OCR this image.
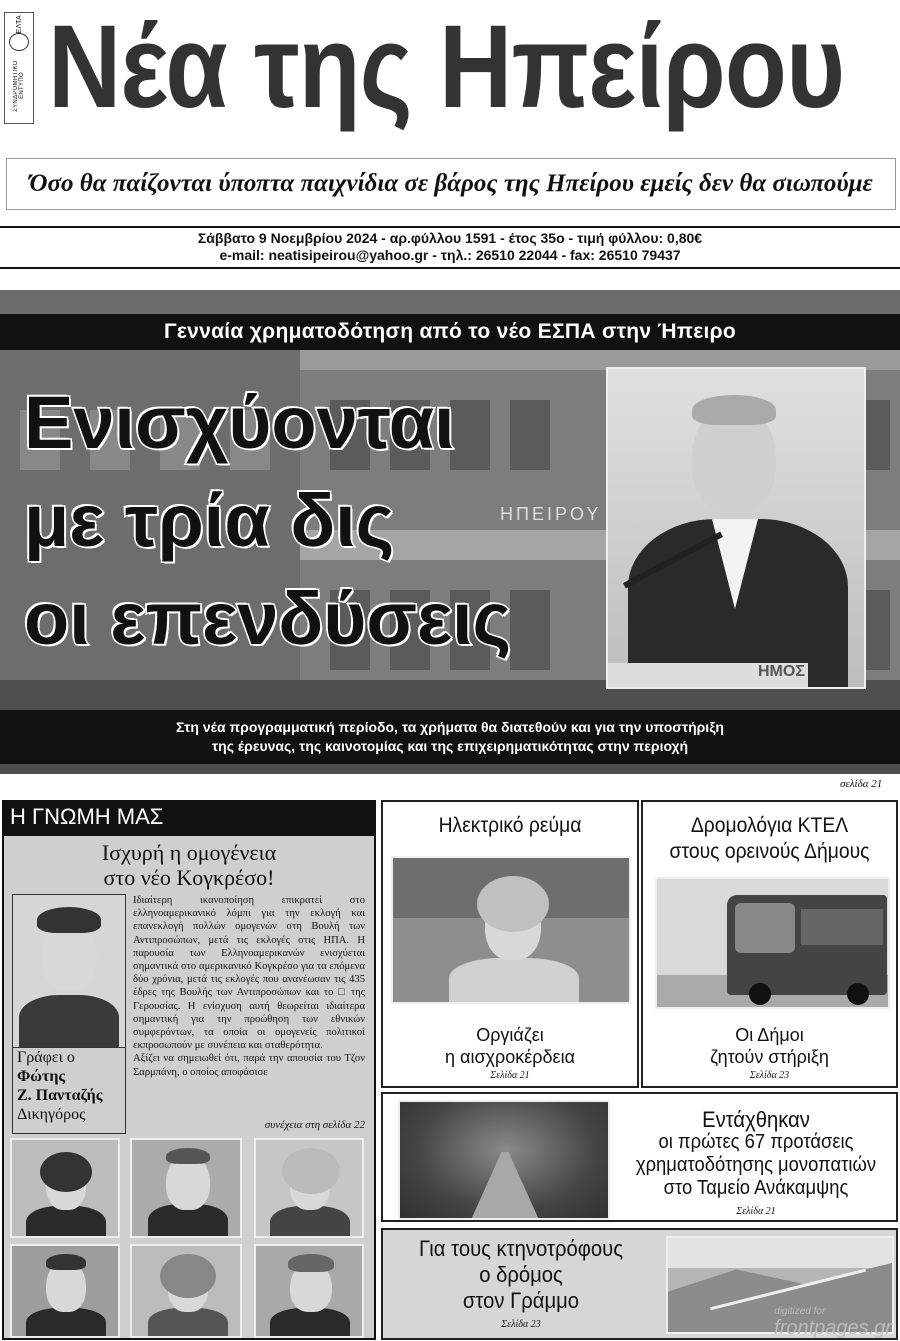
ΕΛΤΑ
ΣΥΝΔΡΟΜΗΤΙΚΟ ΕΝΤΥΠΟ Νέα της Ηπείρου
Όσο θα παίζονται ύποπτα παιχνίδια σε βάρος της Ηπείρου εμείς δεν θα σιωπούμε
Σάββατο 9 Νοεμβρίου 2024 - αρ.φύλλου 1591 - έτος 35ο - τιμή φύλλου: 0,80€
e-mail: neatisipeirou@yahoo.gr - τηλ.: 26510 22044 - fax: 26510 79437
ΗΠΕΙΡΟΥ
Γενναία χρηματοδότηση από το νέο ΕΣΠΑ στην Ήπειρο
Ενισχύονται
με τρία δις
οι επενδύσεις
ΗΜΟΣ
Στη νέα προγραμματική περίοδο, τα χρήματα θα διατεθούν και για την υποστήριξη
της έρευνας, της καινοτομίας και της επιχειρηματικότητας στην περιοχή
σελίδα 21
Η ΓΝΩΜΗ ΜΑΣ
Ισχυρή η ομογένεια
στο νέο Κογκρέσο!
Γράφει ο
Φώτης
Ζ. Πανταζής
Δικηγόρος
Ιδιαίτερη ικανοποίηση επικρατεί στο ελληνοαμερικανικό λόμπι για την εκλογή και επανεκλογή πολλών ομογενών στη Βουλή των Αντιπροσώπων, μετά τις εκλογές στις ΗΠΑ. Η παρουσία των Ελληνοαμερικανών ενισχύεται σημαντικά στο αμερικανικό Κογκρέσο για τα επόμενα δύο χρόνια, μετά τις εκλογές που ανανέωσαν τις 435 έδρες της Βουλής των Αντιπροσώπων και το □ της Γερουσίας. Η ενίσχυση αυτή θεωρείται ιδιαίτερα σημαντική για την προώθηση των εθνικών συμφερόντων, τα οποία οι ομογενείς πολιτικοί εκπροσωπούν με συνέπεια και σταθερότητα.
Αξίζει να σημειωθεί ότι, παρά την απουσία του Τζον Σαρμπάνη, ο οποίος αποφάσισε
συνέχεια στη σελίδα 22
Ηλεκτρικό ρεύμα
Οργιάζει
η αισχροκέρδεια
Σελίδα 21
Δρομολόγια ΚΤΕΛ
στους ορεινούς Δήμους
Οι Δήμοι
ζητούν στήριξη
Σελίδα 23
Εντάχθηκαν
οι πρώτες 67 προτάσεις
χρηματοδότησης μονοπατιών
στο Ταμείο Ανάκαμψης
Σελίδα 21
Για τους κτηνοτρόφους
ο δρόμος
στον Γράμμο
Σελίδα 23
digitized for
frontpages.gr
